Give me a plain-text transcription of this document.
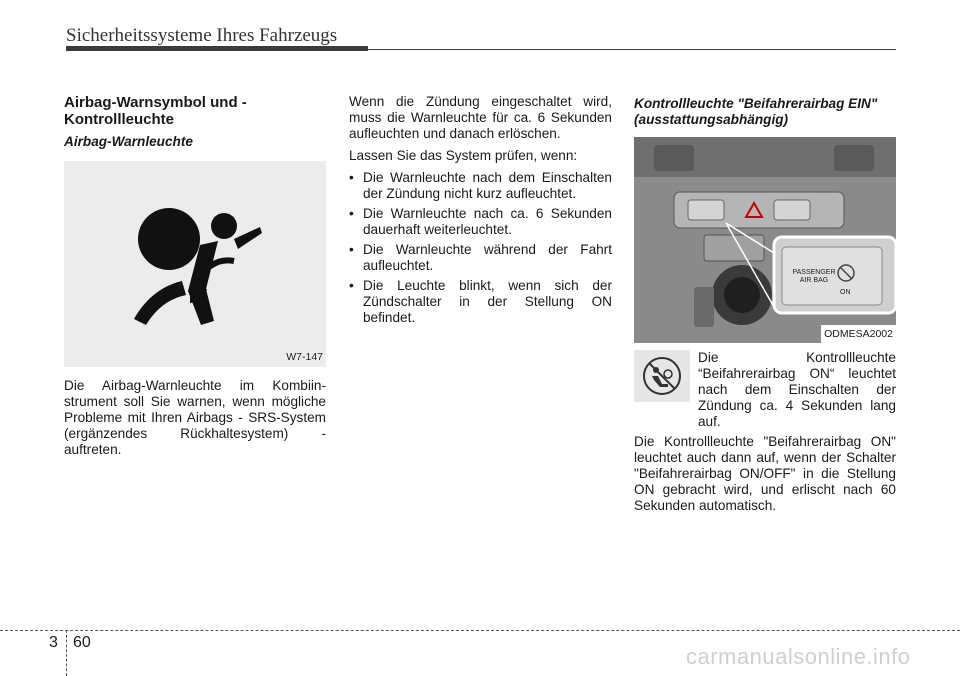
Sicherheitssysteme Ihres Fahrzeugs
Airbag-Warnsymbol und -Kontrollleuchte
Airbag-Warnleuchte
W7-147

Die Airbag-Warnleuchte im Kombiinstrument soll Sie warnen, wenn mögliche Probleme mit Ihren Airbags - SRS-System (ergänzendes Rückhaltesystem) - auftreten.

Wenn die Zündung eingeschaltet wird, muss die Warnleuchte für ca. 6 Sekunden aufleuchten und danach erlöschen.

Lassen Sie das System prüfen, wenn:

• Die Warnleuchte nach dem Einschalten der Zündung nicht kurz aufleuchtet.
• Die Warnleuchte nach ca. 6 Sekunden dauerhaft weiterleuchtet.
• Die Warnleuchte während der Fahrt aufleuchtet.
• Die Leuchte blinkt, wenn sich der Zündschalter in der Stellung ON befindet.
Kontrollleuchte "Beifahrerairbag EIN" (ausstattungsabhängig)
PASSENGER
AIR BAG
ON
ODMESA2002

Die Kontrollleuchte “Beifahrerairbag ON“ leuchtet nach dem Einschalten der Zündung ca. 4 Sekunden lang auf.

Die Kontrollleuchte "Beifahrerairbag ON" leuchtet auch dann auf, wenn der Schalter "Beifahrerairbag ON/OFF" in die Stellung ON gebracht wird, und erlischt nach 60 Sekunden automatisch.

3 60
carmanualsonline.info
